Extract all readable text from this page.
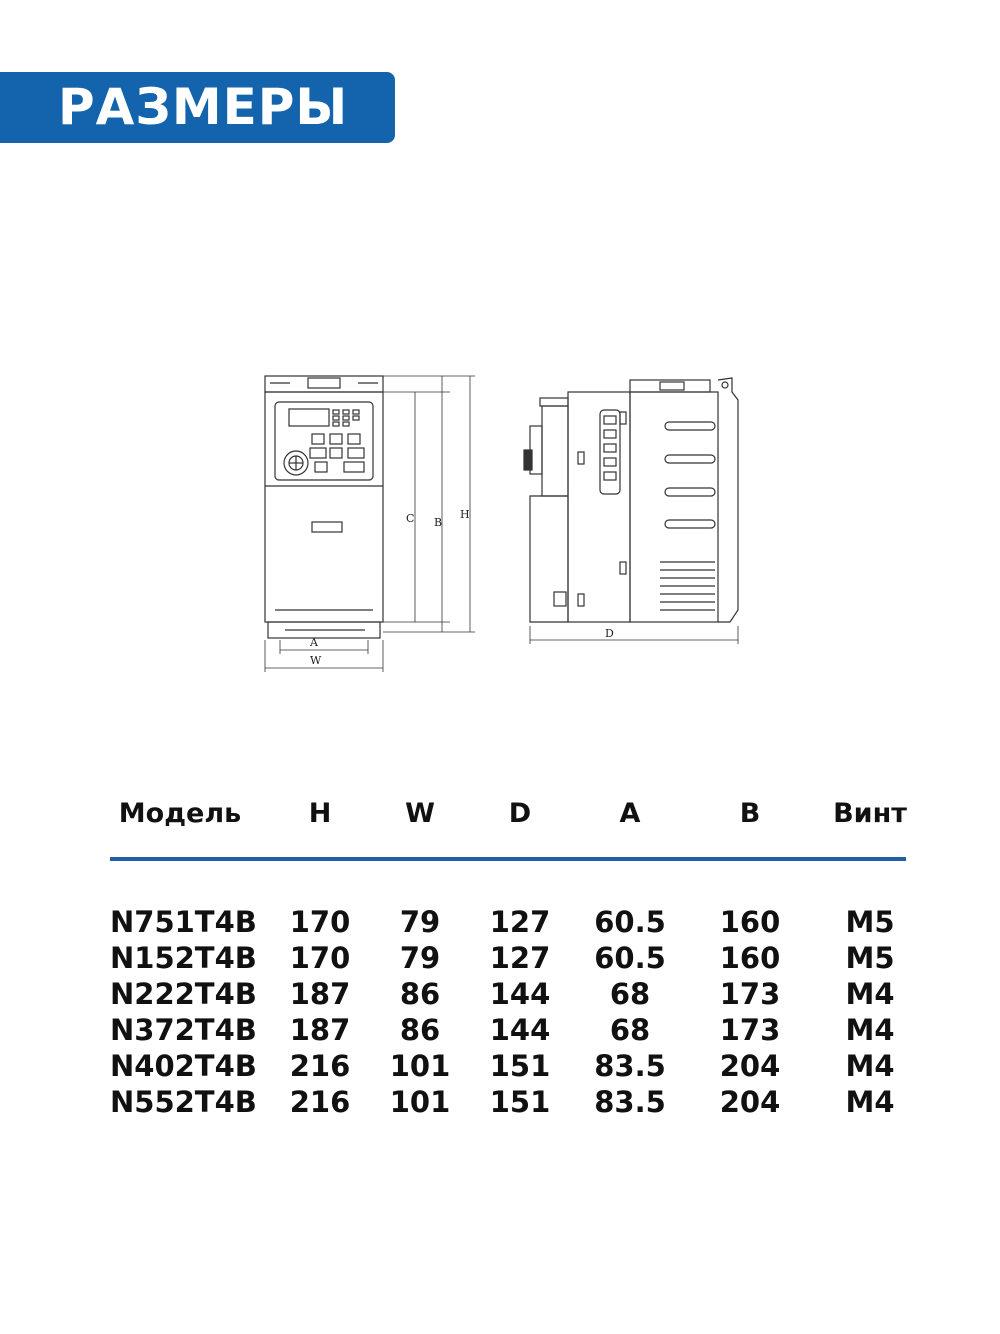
РАЗМЕРЫ
C B
H
A
W
D
Модель	H	W	D	A	B	Винт
N751T4B 170 79 127 60.5 160 M5
N152T4B 170 79 127 60.5 160 M5
N222T4B 187 86 144 68 173 M4
N372T4B 187 86 144 68 173 M4
N402T4B 216 101 151 83.5 204 M4
N552T4B 216 101 151 83.5 204 M4
